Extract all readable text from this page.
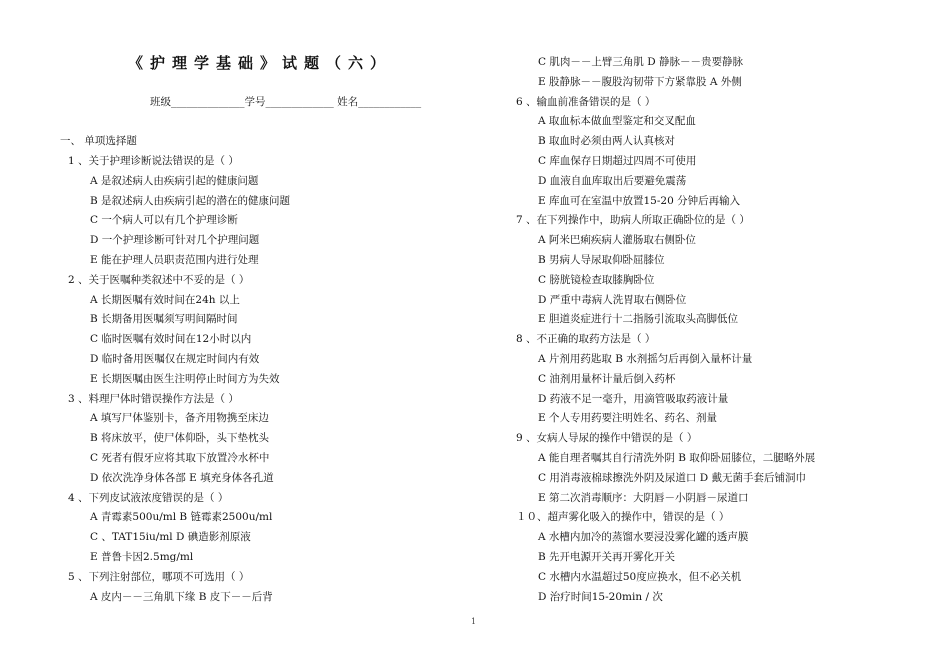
《护理学基础》试题（六）
班级______________学号_____________ 姓名____________
一、 单项选择题
1 、关于护理诊断说法错误的是（ ）
A 是叙述病人由疾病引起的健康问题
B 是叙述病人由疾病引起的潜在的健康问题
C 一个病人可以有几个护理诊断
D 一个护理诊断可针对几个护理问题
E 能在护理人员职责范围内进行处理
2 、关于医嘱种类叙述中不妥的是（ ）
A 长期医嘱有效时间在24h 以上
B 长期备用医嘱须写明间隔时间
C 临时医嘱有效时间在12小时以内
D 临时备用医嘱仅在规定时间内有效
E 长期医嘱由医生注明停止时间方为失效
3 、料理尸体时错误操作方法是（ ）
A 填写尸体鉴别卡，备齐用物携至床边
B 将床放平，使尸体仰卧，头下垫枕头
C 死者有假牙应将其取下放置冷水杯中
D 依次洗净身体各部 E 填充身体各孔道
4 、下列皮试液浓度错误的是（ ）
A 青霉素500u/ml B 链霉素2500u/ml
C 、TAT15iu/ml D 碘造影剂原液
E 普鲁卡因2.5mg/ml
5 、下列注射部位，哪项不可选用（ ）
A 皮内－－三角肌下缘 B 皮下－－后背
C 肌肉－－上臂三角肌 D 静脉－－贵要静脉
E 股静脉－－腹股沟韧带下方紧靠股 A 外侧
6 、输血前准备错误的是（ ）
A 取血标本做血型鉴定和交叉配血
B 取血时必须由两人认真核对
C 库血保存日期超过四周不可使用
D 血液自血库取出后要避免震荡
E 库血可在室温中放置15-20 分钟后再输入
7 、在下列操作中，助病人所取正确卧位的是（ ）
A 阿米巴痢疾病人灌肠取右侧卧位
B 男病人导尿取仰卧屈膝位
C 膀胱镜检查取膝胸卧位
D 严重中毒病人洗胃取右侧卧位
E 胆道炎症进行十二指肠引流取头高脚低位
8 、不正确的取药方法是（ ）
A 片剂用药匙取 B 水剂摇匀后再倒入量杯计量
C 油剂用量杯计量后倒入药杯
D 药液不足一毫升，用滴管吸取药液计量
E 个人专用药要注明姓名、药名、剂量
9 、女病人导尿的操作中错误的是（ ）
A 能自理者嘱其自行清洗外阴 B 取仰卧屈膝位，二腿略外展
C 用消毒液棉球擦洗外阴及尿道口 D 戴无菌手套后铺洞巾
E 第二次消毒顺序：大阴唇－小阴唇－尿道口
１０、超声雾化吸入的操作中，错误的是（ ）
A 水槽内加冷的蒸馏水要浸没雾化罐的透声膜
B 先开电源开关再开雾化开关
C 水槽内水温超过50度应换水，但不必关机
D 治疗时间15-20min / 次
1
